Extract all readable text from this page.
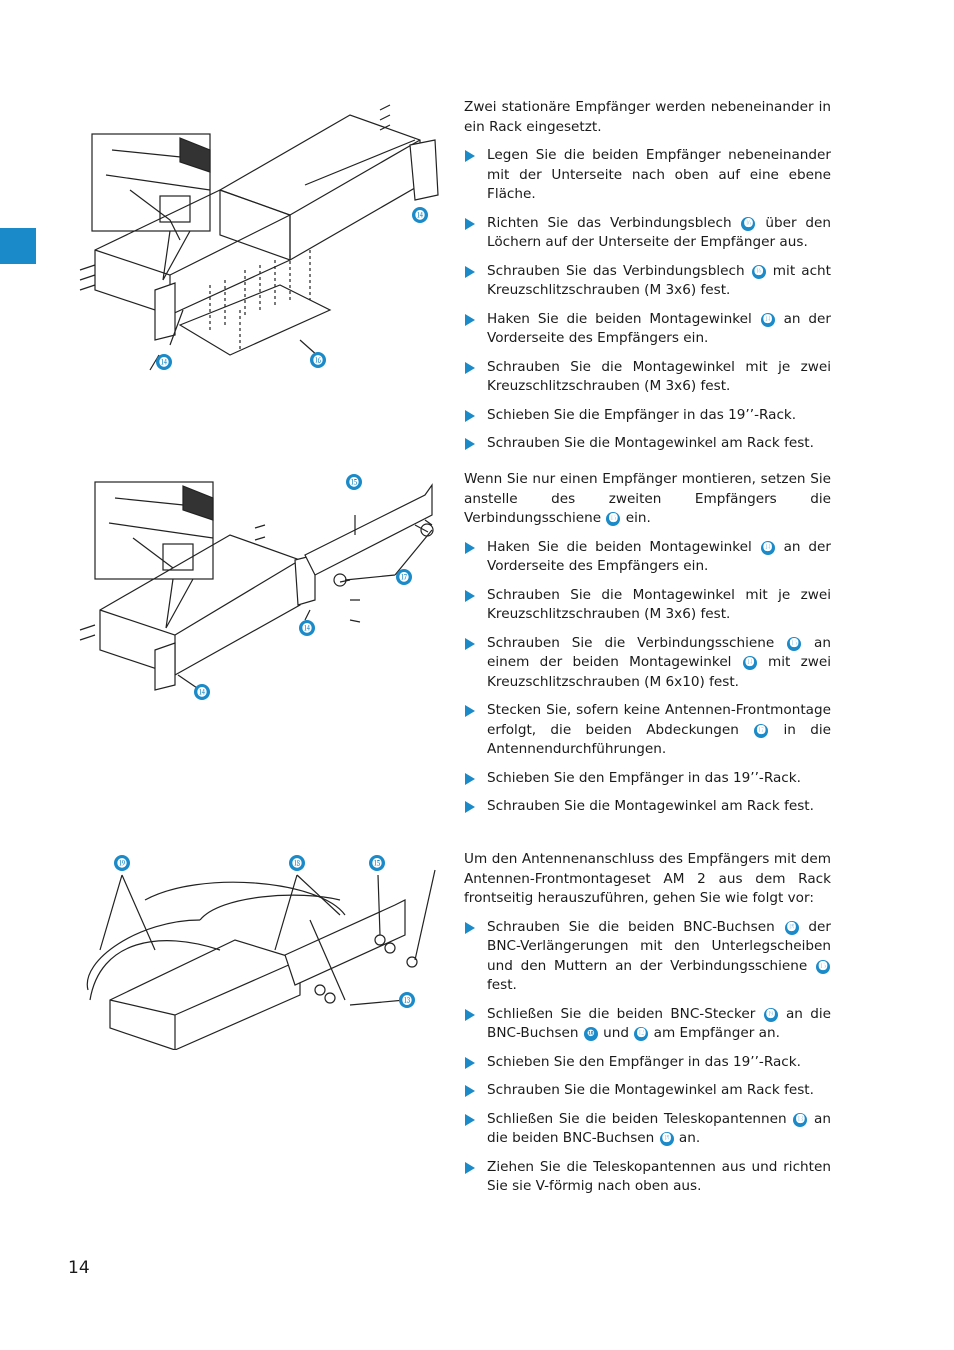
⓮
⓮
⓰
⓯
⓱
⓮
⓮
⓳	⓲	⓯
⓭

Zwei stationäre Empfänger werden nebeneinander in ein Rack eingesetzt.

Legen Sie die beiden Empfänger nebeneinander mit der Unterseite nach oben auf eine ebene Fläche.
Richten Sie das Verbindungsblech ⓰ über den Löchern auf der Unterseite der Empfänger aus.
Schrauben Sie das Verbindungsblech ⓰ mit acht Kreuzschlitzschrauben (M 3x6) fest.
Haken Sie die beiden Montagewinkel ⓮ an der Vorderseite des Empfängers ein.
Schrauben Sie die Montagewinkel mit je zwei Kreuzschlitzschrauben (M 3x6) fest.
Schieben Sie die Empfänger in das 19’’-Rack.
Schrauben Sie die Montagewinkel am Rack fest.

Wenn Sie nur einen Empfänger montieren, setzen Sie anstelle des zweiten Empfängers die Verbindungsschiene ⓯ ein.

Haken Sie die beiden Montagewinkel ⓮ an der Vorderseite des Empfängers ein.
Schrauben Sie die Montagewinkel mit je zwei Kreuzschlitzschrauben (M 3x6) fest.
Schrauben Sie die Verbindungsschiene ⓯ an einem der beiden Montagewinkel ⓮ mit zwei Kreuzschlitzschrauben (M 6x10) fest.
Stecken Sie, sofern keine Antennen-Frontmontage erfolgt, die beiden Abdeckungen ⓱ in die Antennendurchführungen.
Schieben Sie den Empfänger in das 19’’-Rack.
Schrauben Sie die Montagewinkel am Rack fest.

Um den Antennenanschluss des Empfängers mit dem Antennen-Frontmontageset AM 2 aus dem Rack frontseitig herauszuführen, gehen Sie wie folgt vor:

Schrauben Sie die beiden BNC-Buchsen ⓲ der BNC-Verlängerungen mit den Unterlegscheiben und den Muttern an der Verbindungsschiene ⓯ fest.
Schließen Sie die beiden BNC-Stecker ⓳ an die BNC-Buchsen ❿ und ⓬ am Empfänger an.
Schieben Sie den Empfänger in das 19’’-Rack.
Schrauben Sie die Montagewinkel am Rack fest.
Schließen Sie die beiden Teleskopantennen ⓭ an die beiden BNC-Buchsen ⓲ an.
Ziehen Sie die Teleskopantennen aus und richten Sie sie V-förmig nach oben aus.
14
